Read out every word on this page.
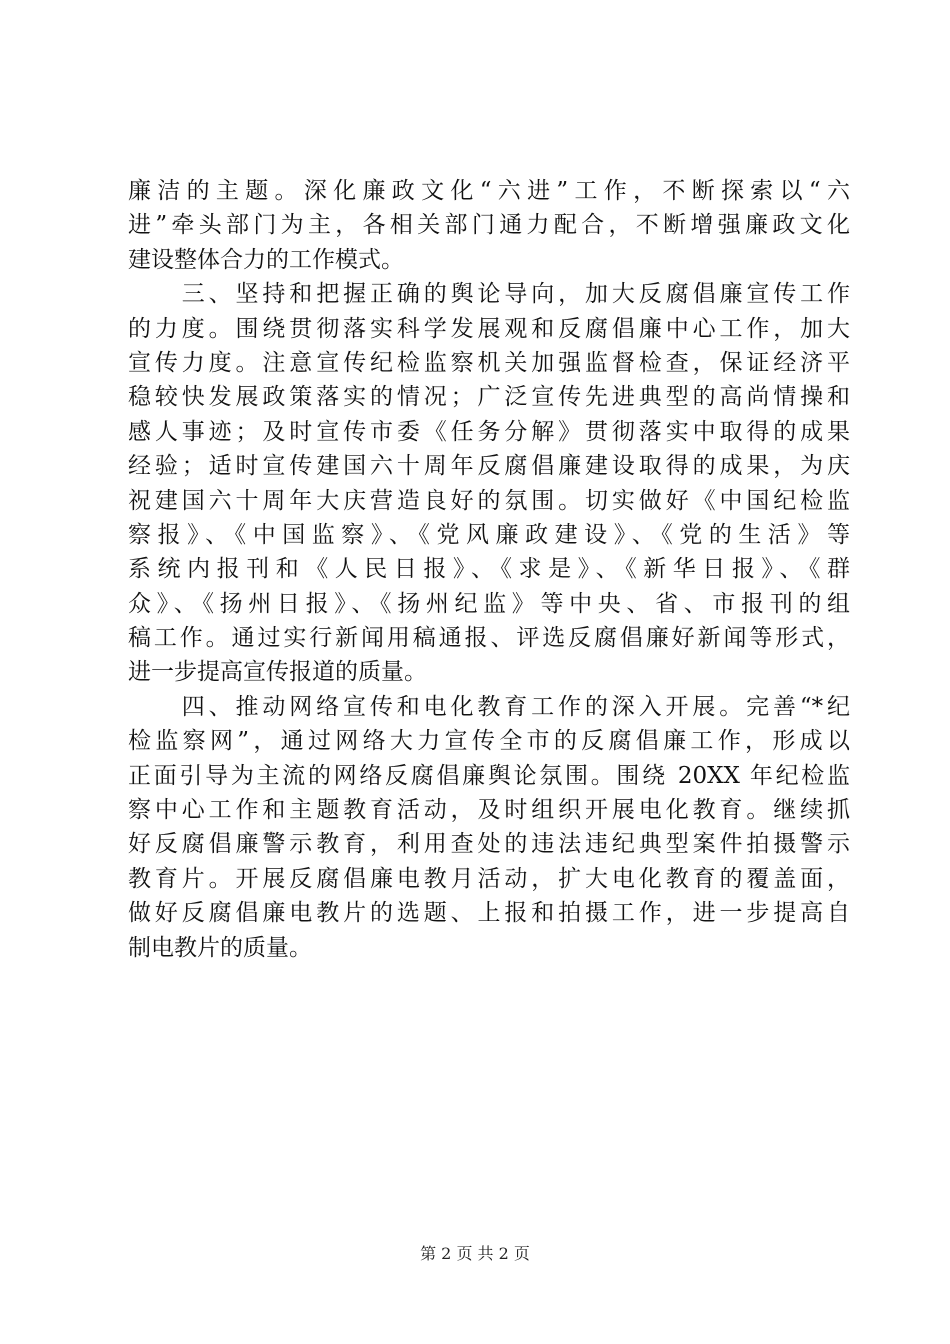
廉洁的主题。深化廉政文化“六进”工作，不断探索以“六
进”牵头部门为主，各相关部门通力配合，不断增强廉政文化
建设整体合力的工作模式。
　　三、坚持和把握正确的舆论导向，加大反腐倡廉宣传工作
的力度。围绕贯彻落实科学发展观和反腐倡廉中心工作，加大
宣传力度。注意宣传纪检监察机关加强监督检查，保证经济平
稳较快发展政策落实的情况；广泛宣传先进典型的高尚情操和
感人事迹；及时宣传市委《任务分解》贯彻落实中取得的成果
经验；适时宣传建国六十周年反腐倡廉建设取得的成果，为庆
祝建国六十周年大庆营造良好的氛围。切实做好《中国纪检监
察报》、《中国监察》、《党风廉政建设》、《党的生活》等
系统内报刊和《人民日报》、《求是》、《新华日报》、《群
众》、《扬州日报》、《扬州纪监》等中央、省、市报刊的组
稿工作。通过实行新闻用稿通报、评选反腐倡廉好新闻等形式，
进一步提高宣传报道的质量。
　　四、推动网络宣传和电化教育工作的深入开展。完善“*纪
检监察网”，通过网络大力宣传全市的反腐倡廉工作，形成以
正面引导为主流的网络反腐倡廉舆论氛围。围绕 20XX 年纪检监
察中心工作和主题教育活动，及时组织开展电化教育。继续抓
好反腐倡廉警示教育，利用查处的违法违纪典型案件拍摄警示
教育片。开展反腐倡廉电教月活动，扩大电化教育的覆盖面，
做好反腐倡廉电教片的选题、上报和拍摄工作，进一步提高自
制电教片的质量。
第 2 页 共 2 页
